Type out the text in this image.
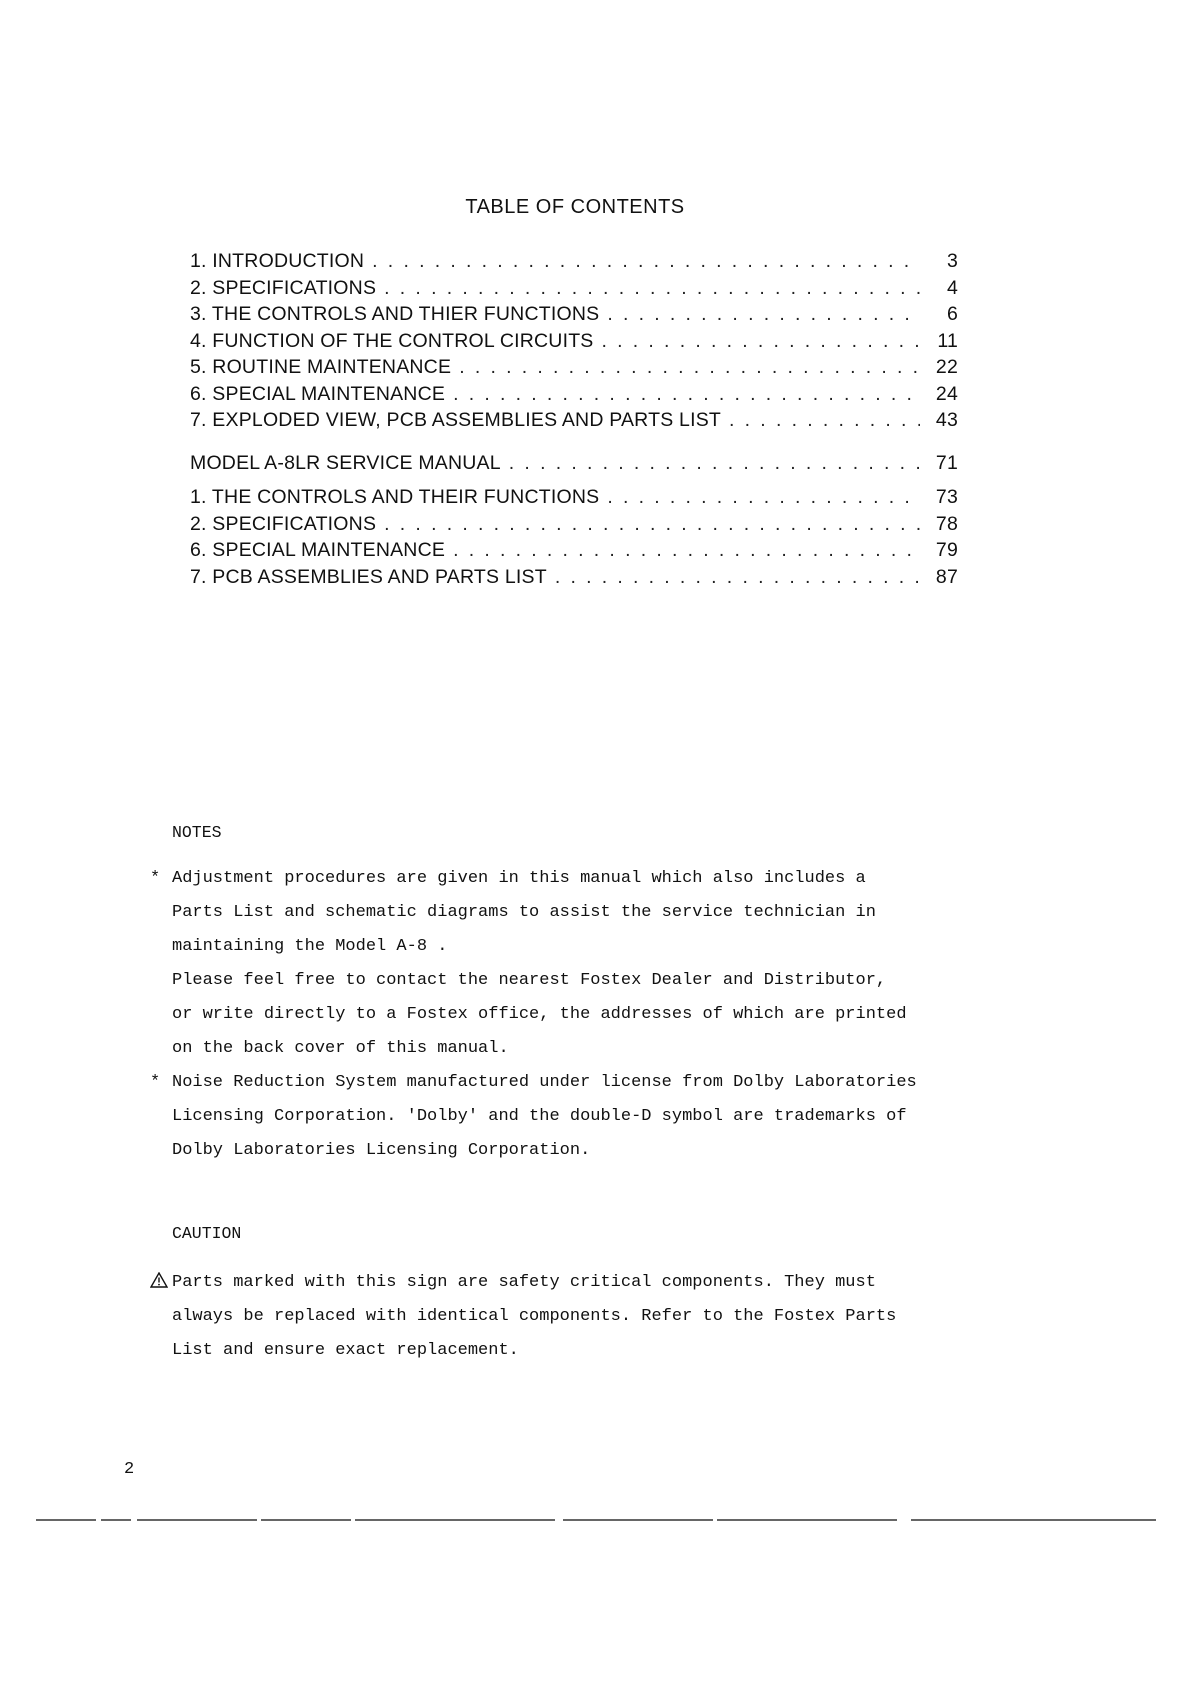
TABLE OF CONTENTS
1. INTRODUCTION . . .	3
2. SPECIFICATIONS . . .	4
3. THE CONTROLS AND THIER FUNCTIONS . . .	6
4. FUNCTION OF THE CONTROL CIRCUITS . . .	11
5. ROUTINE MAINTENANCE . . .	22
6. SPECIAL MAINTENANCE . . .	24
7. EXPLODED VIEW, PCB ASSEMBLIES AND PARTS LIST . . .	43
MODEL A-8LR SERVICE MANUAL . . .	71
1. THE CONTROLS AND THEIR FUNCTIONS . . .	73
2. SPECIFICATIONS . . .	78
6. SPECIAL MAINTENANCE . . .	79
7. PCB ASSEMBLIES AND PARTS LIST . . .	87
NOTES
* Adjustment procedures are given in this manual which also includes a
Parts List and schematic diagrams to assist the service technician in
maintaining the Model A-8 .
Please feel free to contact the nearest Fostex Dealer and Distributor,
or write directly to a Fostex office, the addresses of which are printed
on the back cover of this manual.
* Noise Reduction System manufactured under license from Dolby Laboratories
Licensing Corporation. 'Dolby' and the double-D symbol are trademarks of
Dolby Laboratories Licensing Corporation.
CAUTION
Parts marked with this sign are safety critical components. They must
always be replaced with identical components. Refer to the Fostex Parts
List and ensure exact replacement.
2
